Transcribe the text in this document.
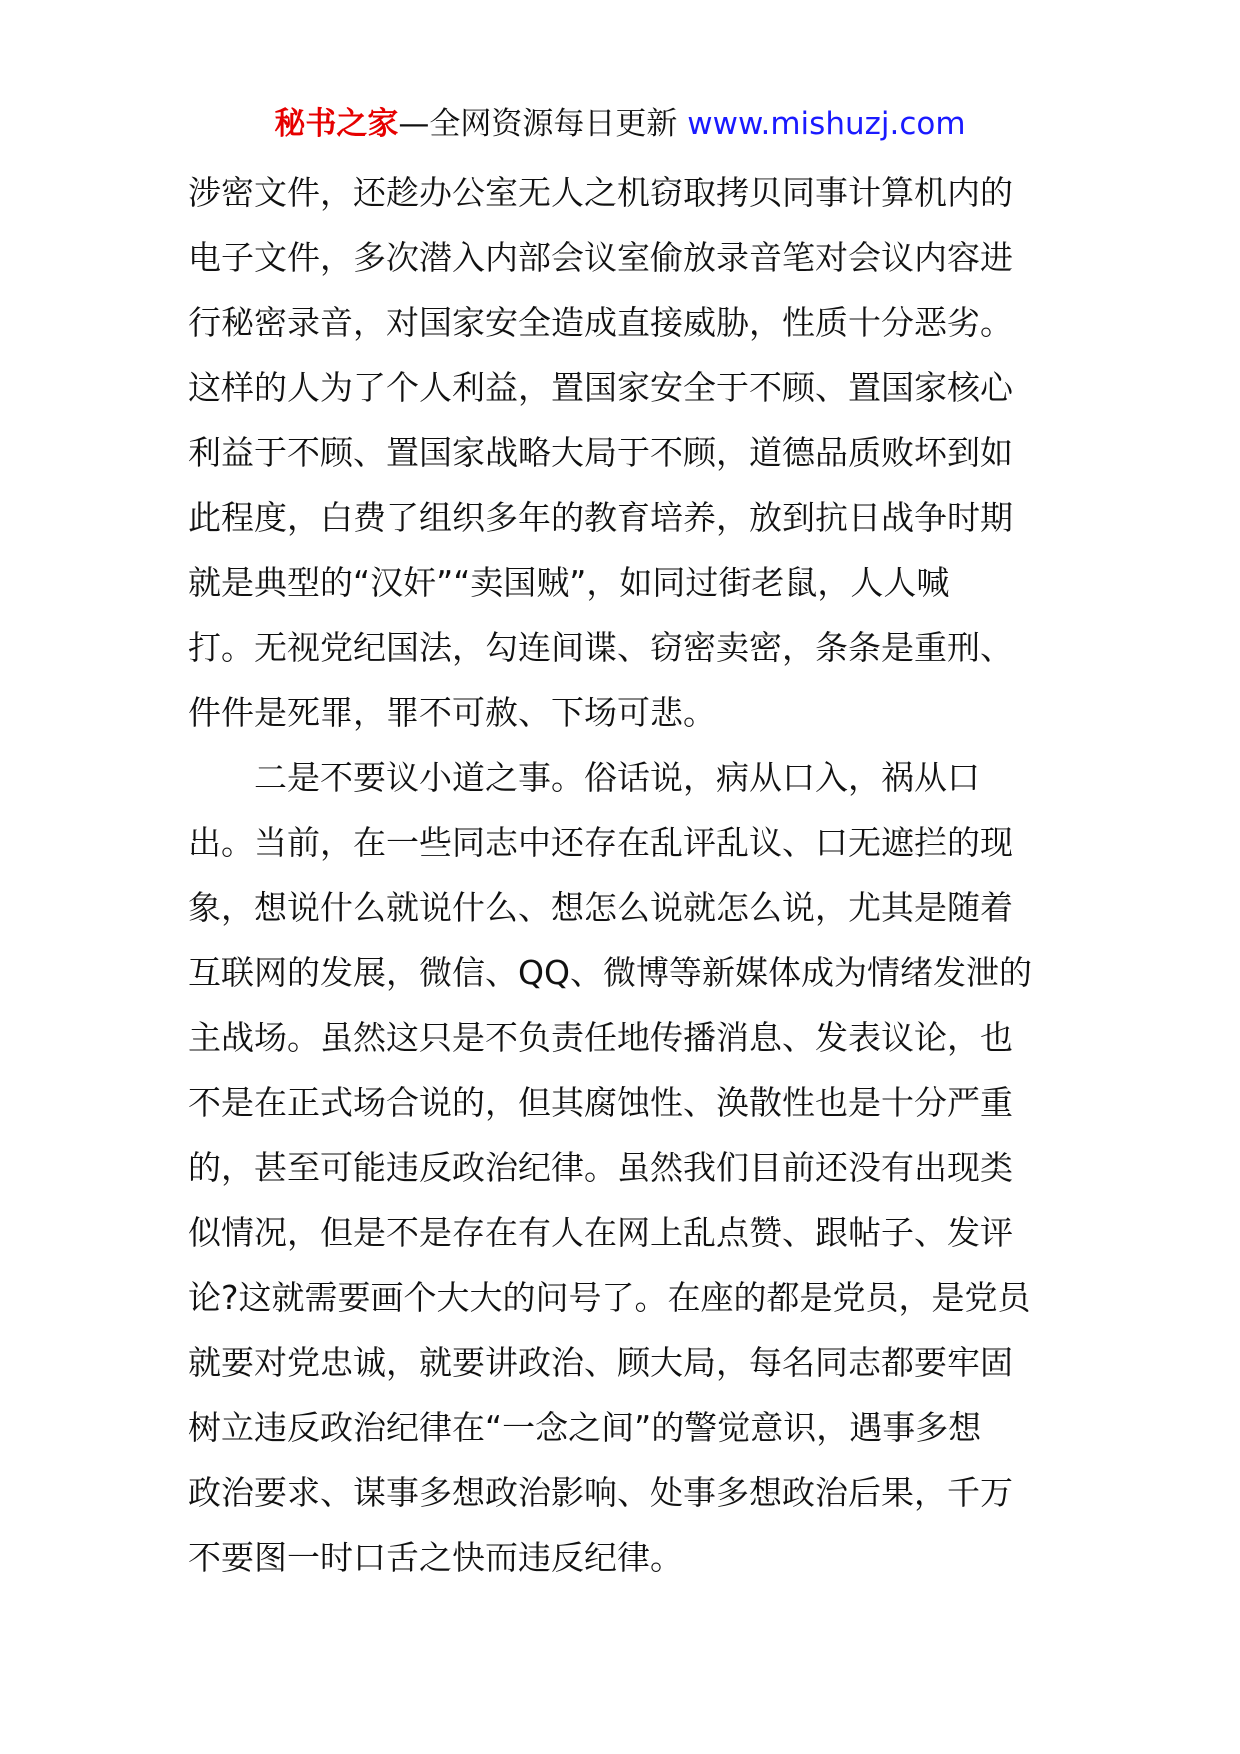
秘书之家—全网资源每日更新 www.mishuzj.com
涉密文件，还趁办公室无人之机窃取拷贝同事计算机内的
电子文件，多次潜入内部会议室偷放录音笔对会议内容进
行秘密录音，对国家安全造成直接威胁，性质十分恶劣。
这样的人为了个人利益，置国家安全于不顾、置国家核心
利益于不顾、置国家战略大局于不顾，道德品质败坏到如
此程度，白费了组织多年的教育培养，放到抗日战争时期
就是典型的“汉奸”“卖国贼”，如同过街老鼠，人人喊
打。无视党纪国法，勾连间谍、窃密卖密，条条是重刑、
件件是死罪，罪不可赦、下场可悲。
　　二是不要议小道之事。俗话说，病从口入，祸从口
出。当前，在一些同志中还存在乱评乱议、口无遮拦的现
象，想说什么就说什么、想怎么说就怎么说，尤其是随着
互联网的发展，微信、QQ、微博等新媒体成为情绪发泄的
主战场。虽然这只是不负责任地传播消息、发表议论，也
不是在正式场合说的，但其腐蚀性、涣散性也是十分严重
的，甚至可能违反政治纪律。虽然我们目前还没有出现类
似情况，但是不是存在有人在网上乱点赞、跟帖子、发评
论?这就需要画个大大的问号了。在座的都是党员，是党员
就要对党忠诚，就要讲政治、顾大局，每名同志都要牢固
树立违反政治纪律在“一念之间”的警觉意识，遇事多想
政治要求、谋事多想政治影响、处事多想政治后果，千万
不要图一时口舌之快而违反纪律。
